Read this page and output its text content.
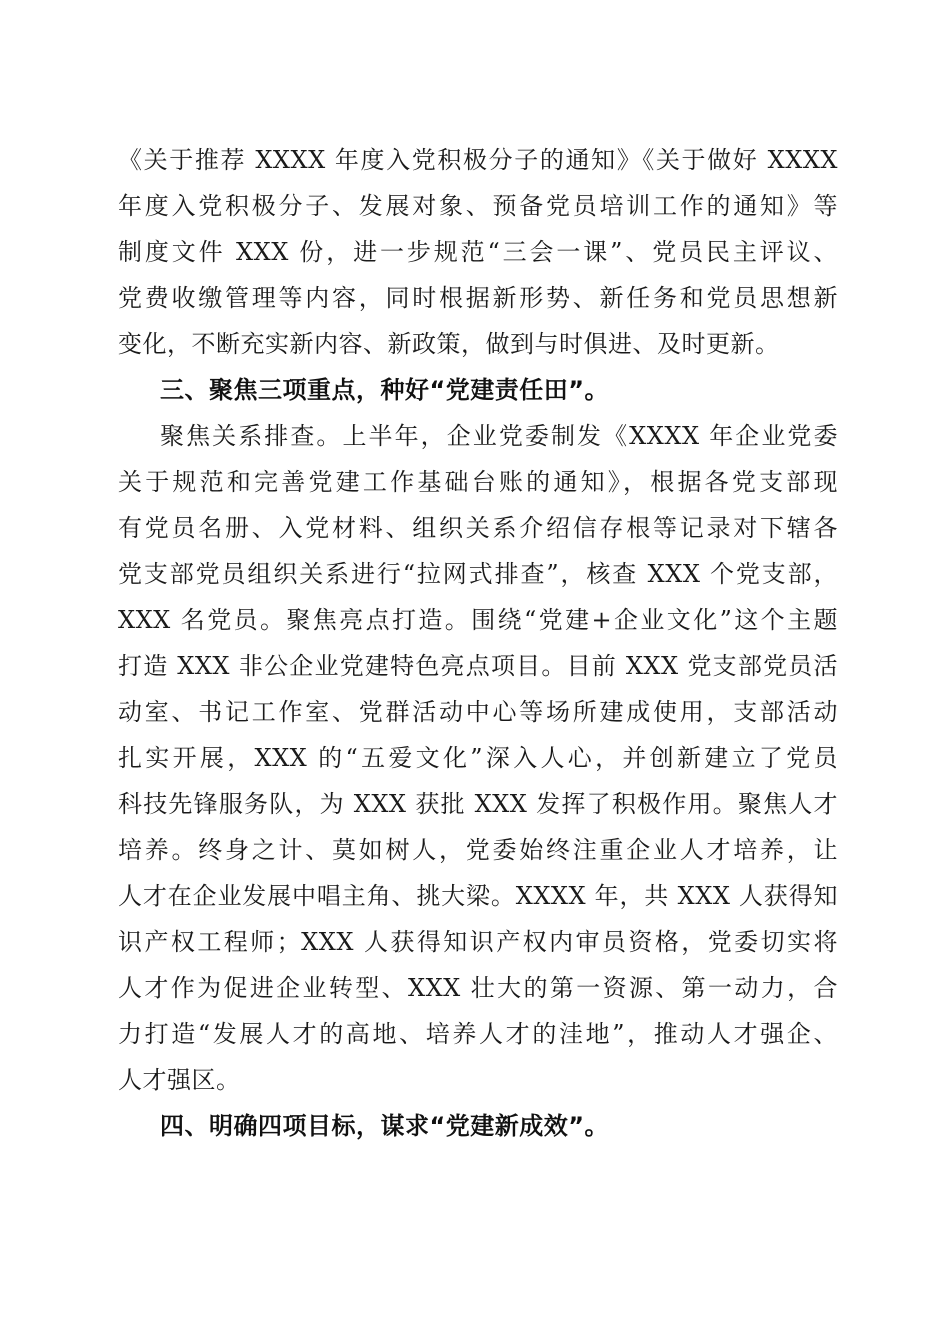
《关于推荐 XXXX 年度入党积极分子的通知》《关于做好 XXXX
年度入党积极分子、发展对象、预备党员培训工作的通知》等
制度文件 XXX 份，进一步规范“三会一课”、党员民主评议、
党费收缴管理等内容，同时根据新形势、新任务和党员思想新
变化，不断充实新内容、新政策，做到与时俱进、及时更新。
三、聚焦三项重点，种好“党建责任田”。
聚焦关系排查。上半年，企业党委制发《XXXX 年企业党委
关于规范和完善党建工作基础台账的通知》，根据各党支部现
有党员名册、入党材料、组织关系介绍信存根等记录对下辖各
党支部党员组织关系进行“拉网式排查”，核查 XXX 个党支部，
XXX 名党员。聚焦亮点打造。围绕“党建+企业文化”这个主题
打造 XXX 非公企业党建特色亮点项目。目前 XXX 党支部党员活
动室、书记工作室、党群活动中心等场所建成使用，支部活动
扎实开展，XXX 的“五爱文化”深入人心，并创新建立了党员
科技先锋服务队，为 XXX 获批 XXX 发挥了积极作用。聚焦人才
培养。终身之计、莫如树人，党委始终注重企业人才培养，让
人才在企业发展中唱主角、挑大梁。XXXX 年，共 XXX 人获得知
识产权工程师；XXX 人获得知识产权内审员资格，党委切实将
人才作为促进企业转型、XXX 壮大的第一资源、第一动力，合
力打造“发展人才的高地、培养人才的洼地”，推动人才强企、
人才强区。
四、明确四项目标，谋求“党建新成效”。
